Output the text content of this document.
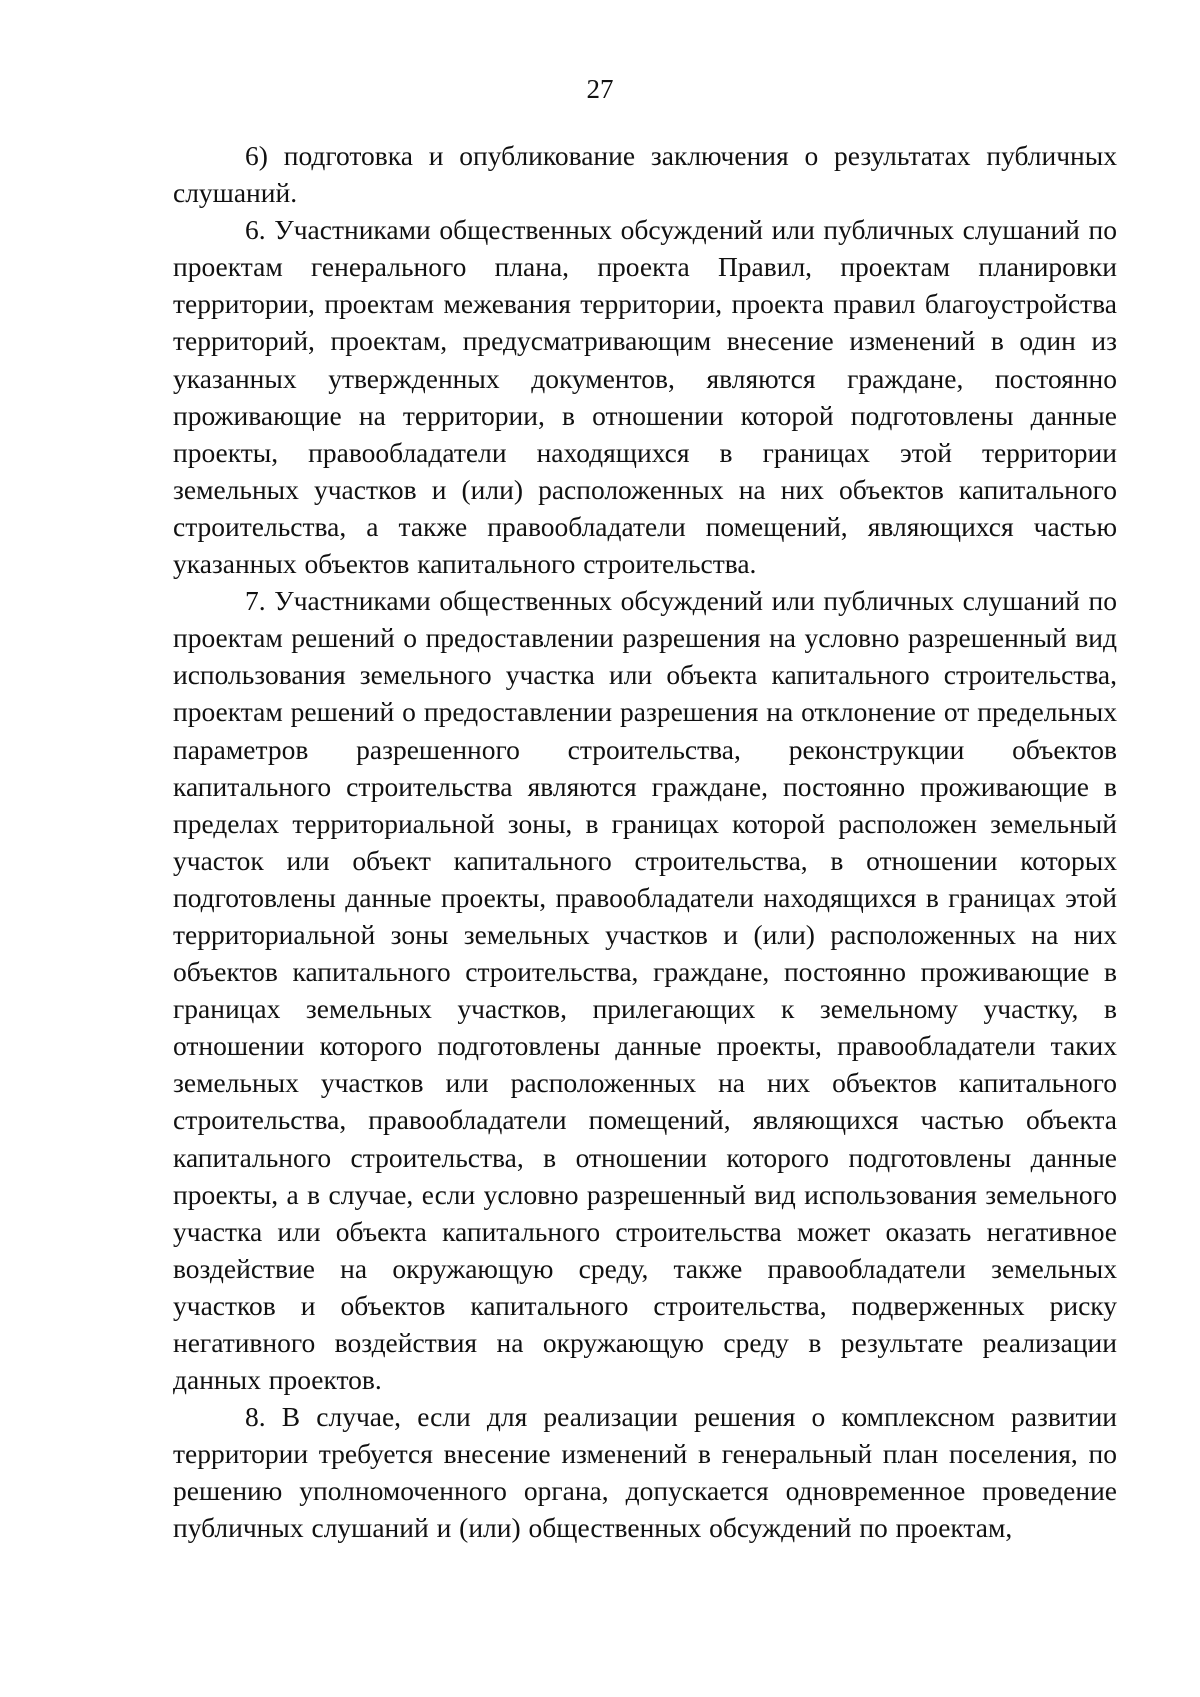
27

6) подготовка и опубликование заключения о результатах публичных слушаний.

6. Участниками общественных обсуждений или публичных слушаний по проектам генерального плана, проекта Правил, проектам планировки территории, проектам межевания территории, проекта правил благоустройства территорий, проектам, предусматривающим внесение изменений в один из указанных утвержденных документов, являются граждане, постоянно проживающие на территории, в отношении которой подготовлены данные проекты, правообладатели находящихся в границах этой территории земельных участков и (или) расположенных на них объектов капитального строительства, а также правообладатели помещений, являющихся частью указанных объектов капитального строительства.

7. Участниками общественных обсуждений или публичных слушаний по проектам решений о предоставлении разрешения на условно разрешенный вид использования земельного участка или объекта капитального строительства, проектам решений о предоставлении разрешения на отклонение от предельных параметров разрешенного строительства, реконструкции объектов капитального строительства являются граждане, постоянно проживающие в пределах территориальной зоны, в границах которой расположен земельный участок или объект капитального строительства, в отношении которых подготовлены данные проекты, правообладатели находящихся в границах этой территориальной зоны земельных участков и (или) расположенных на них объектов капитального строительства, граждане, постоянно проживающие в границах земельных участков, прилегающих к земельному участку, в отношении которого подготовлены данные проекты, правообладатели таких земельных участков или расположенных на них объектов капитального строительства, правообладатели помещений, являющихся частью объекта капитального строительства, в отношении которого подготовлены данные проекты, а в случае, если условно разрешенный вид использования земельного участка или объекта капитального строительства может оказать негативное воздействие на окружающую среду, также правообладатели земельных участков и объектов капитального строительства, подверженных риску негативного воздействия на окружающую среду в результате реализации данных проектов.

8. В случае, если для реализации решения о комплексном развитии территории требуется внесение изменений в генеральный план поселения, по решению уполномоченного органа, допускается одновременное проведение публичных слушаний и (или) общественных обсуждений по проектам,
